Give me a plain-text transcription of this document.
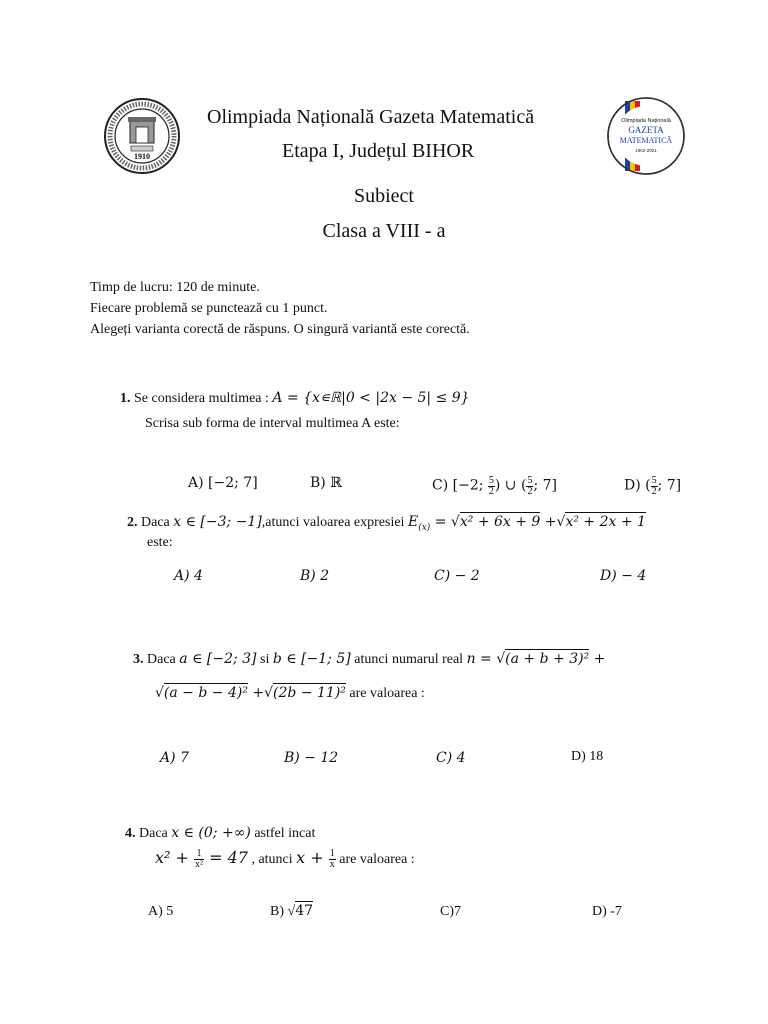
1910
Olimpiada Națională
GAZETA
MATEMATICĂ
1902-2021
Olimpiada Națională Gazeta Matematică
Etapa I, Județul BIHOR
Subiect
Clasa a VIII - a
Timp de lucru: 120 de minute.
Fiecare problemă se punctează cu 1 punct.
Alegeți varianta corectă de răspuns. O singură variantă este corectă.
1. Se considera multimea : A = {x∊ℝ|0 < |2x − 5| ≤ 9}
Scrisa sub forma de interval multimea A este:
A) [−2; 7]	B) ℝ	C) [−2; $\frac{5}{2}$ ) ∪ ( $\frac{5}{2}$ ; 7]	D) ( $\frac{5}{2}$ ; 7]
2. Daca x ∈ [−3; −1],atunci valoarea expresiei $E_{(x)} = √x^2 + 6x + 9 +√x^2 + 2x + 1$
este:
A) 4	B) 2	C) − 2	D) − 4
3. Daca a ∈ [−2; 3] si b ∈ [−1; 5] atunci numarul real n = √(a + b + 3)² +
√(a − b − 4)² +√(2b − 11)² are valoarea :
A) 7	B) − 12	C) 4	D) 18
4. Daca x ∈ (0; +∞) astfel incat
$x^2 + \frac{1}{\text{x²}} = 47$ , atunci $x + \frac{1}{x}$ are valoarea :
A) 5	B) √47	C)7	D) -7
